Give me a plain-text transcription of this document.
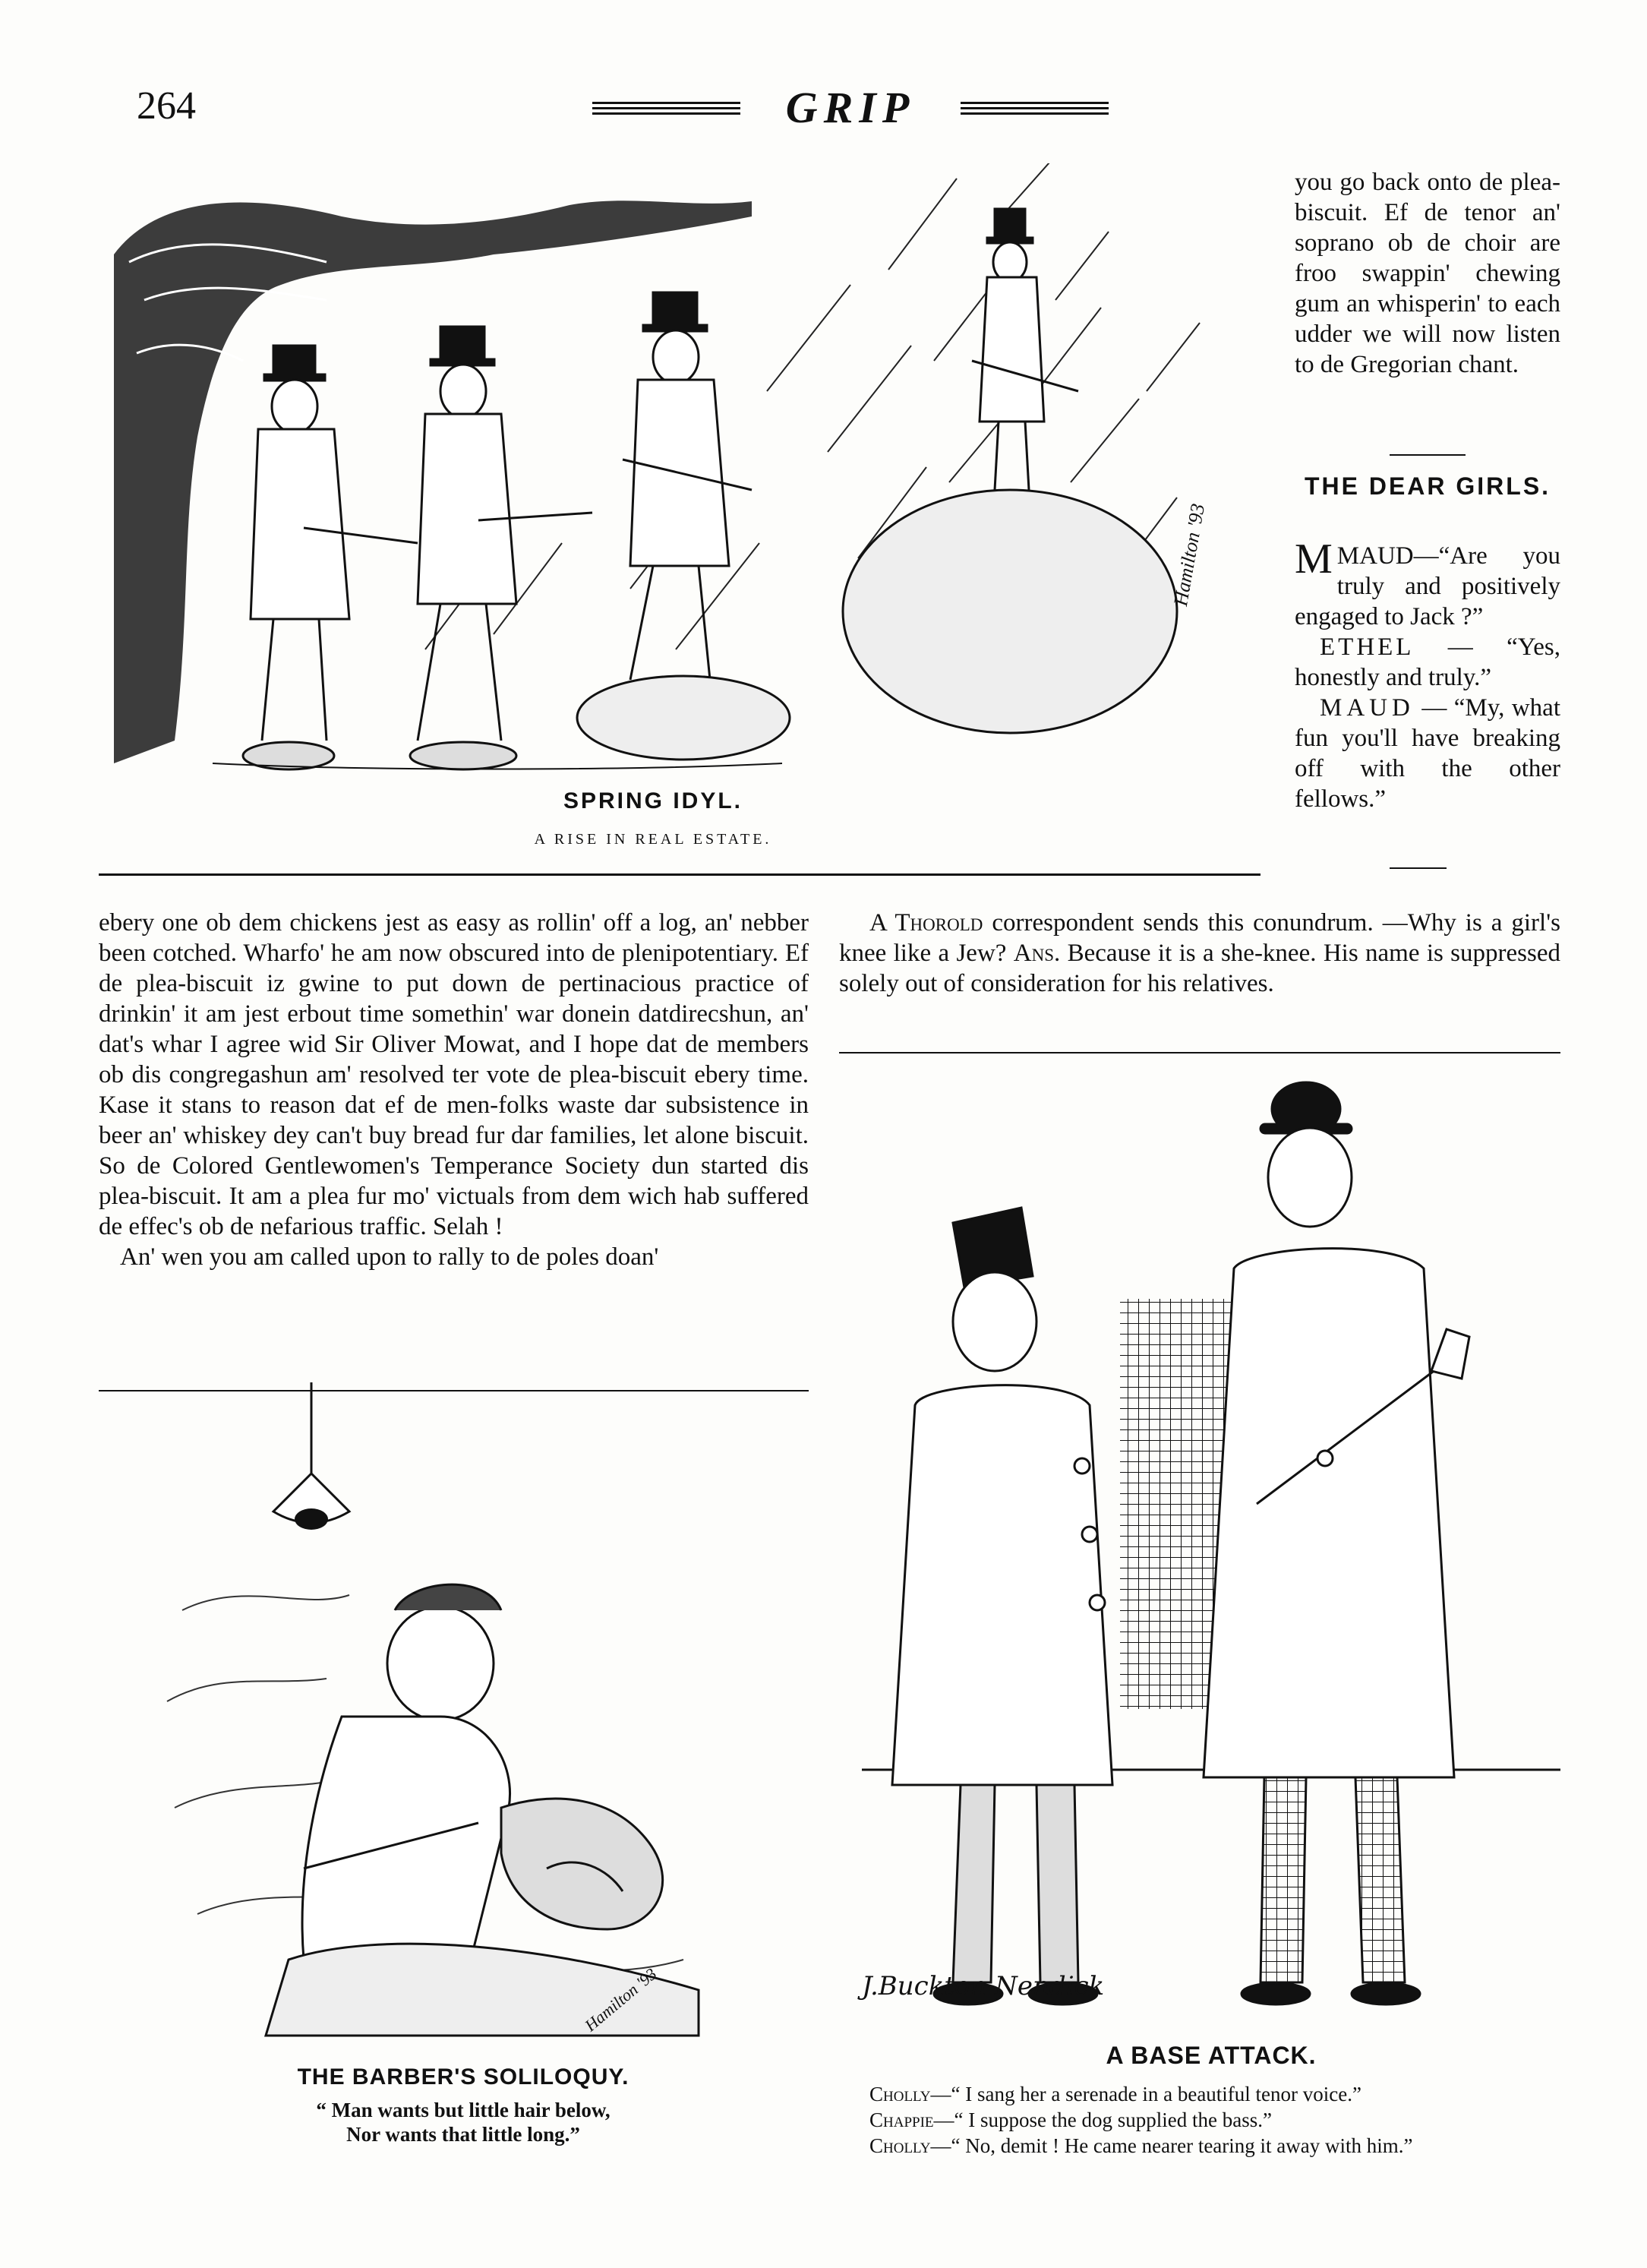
264	GRIP
Hamilton '93
SPRING IDYL.
A RISE IN REAL ESTATE.

you go back onto de plea-biscuit. Ef de tenor an' soprano ob de choir are froo swappin' chewing gum an whisperin' to each udder we will now listen to de Gregorian chant.

THE DEAR GIRLS.

MMAUD—“Are you truly and positively engaged to Jack ?”

 ETHEL — “Yes, honestly and truly.”

 MAUD — “My, what fun you'll have breaking off with the other fellows.”

ebery one ob dem chickens jest as easy as rollin' off a log, an' nebber been cotched. Wharfo' he am now obscured into de plenipotentiary. Ef de plea-biscuit iz gwine to put down de pertinacious practice of drinkin' it am jest erbout time somethin' war donein datdirecshun, an' dat's whar I agree wid Sir Oliver Mowat, and I hope dat de members ob dis congregashun am' resolved ter vote de plea-biscuit ebery time. Kase it stans to reason dat ef de men-folks waste dar subsistence in beer an' whiskey dey can't buy bread fur dar families, let alone biscuit. So de Colored Gentlewomen's Temperance Society dun started dis plea-biscuit. It am a plea fur mo' victuals from dem wich hab suffered de effec's ob de nefarious traffic. Selah !

An' wen you am called upon to rally to de poles doan'

A Thorold correspondent sends this conundrum. —Why is a girl's knee like a Jew? Ans. Because it is a she-knee. His name is suppressed solely out of consideration for his relatives.

Hamilton '93
THE BARBER'S SOLILOQUY.
“ Man wants but little hair below,
Nor wants that little long.”
J.Buckton Nendick
A BASE ATTACK.
Cholly—“ I sang her a serenade in a beautiful tenor voice.”
Chappie—“ I suppose the dog supplied the bass.”
Cholly—“ No, demit ! He came nearer tearing it away with him.”
